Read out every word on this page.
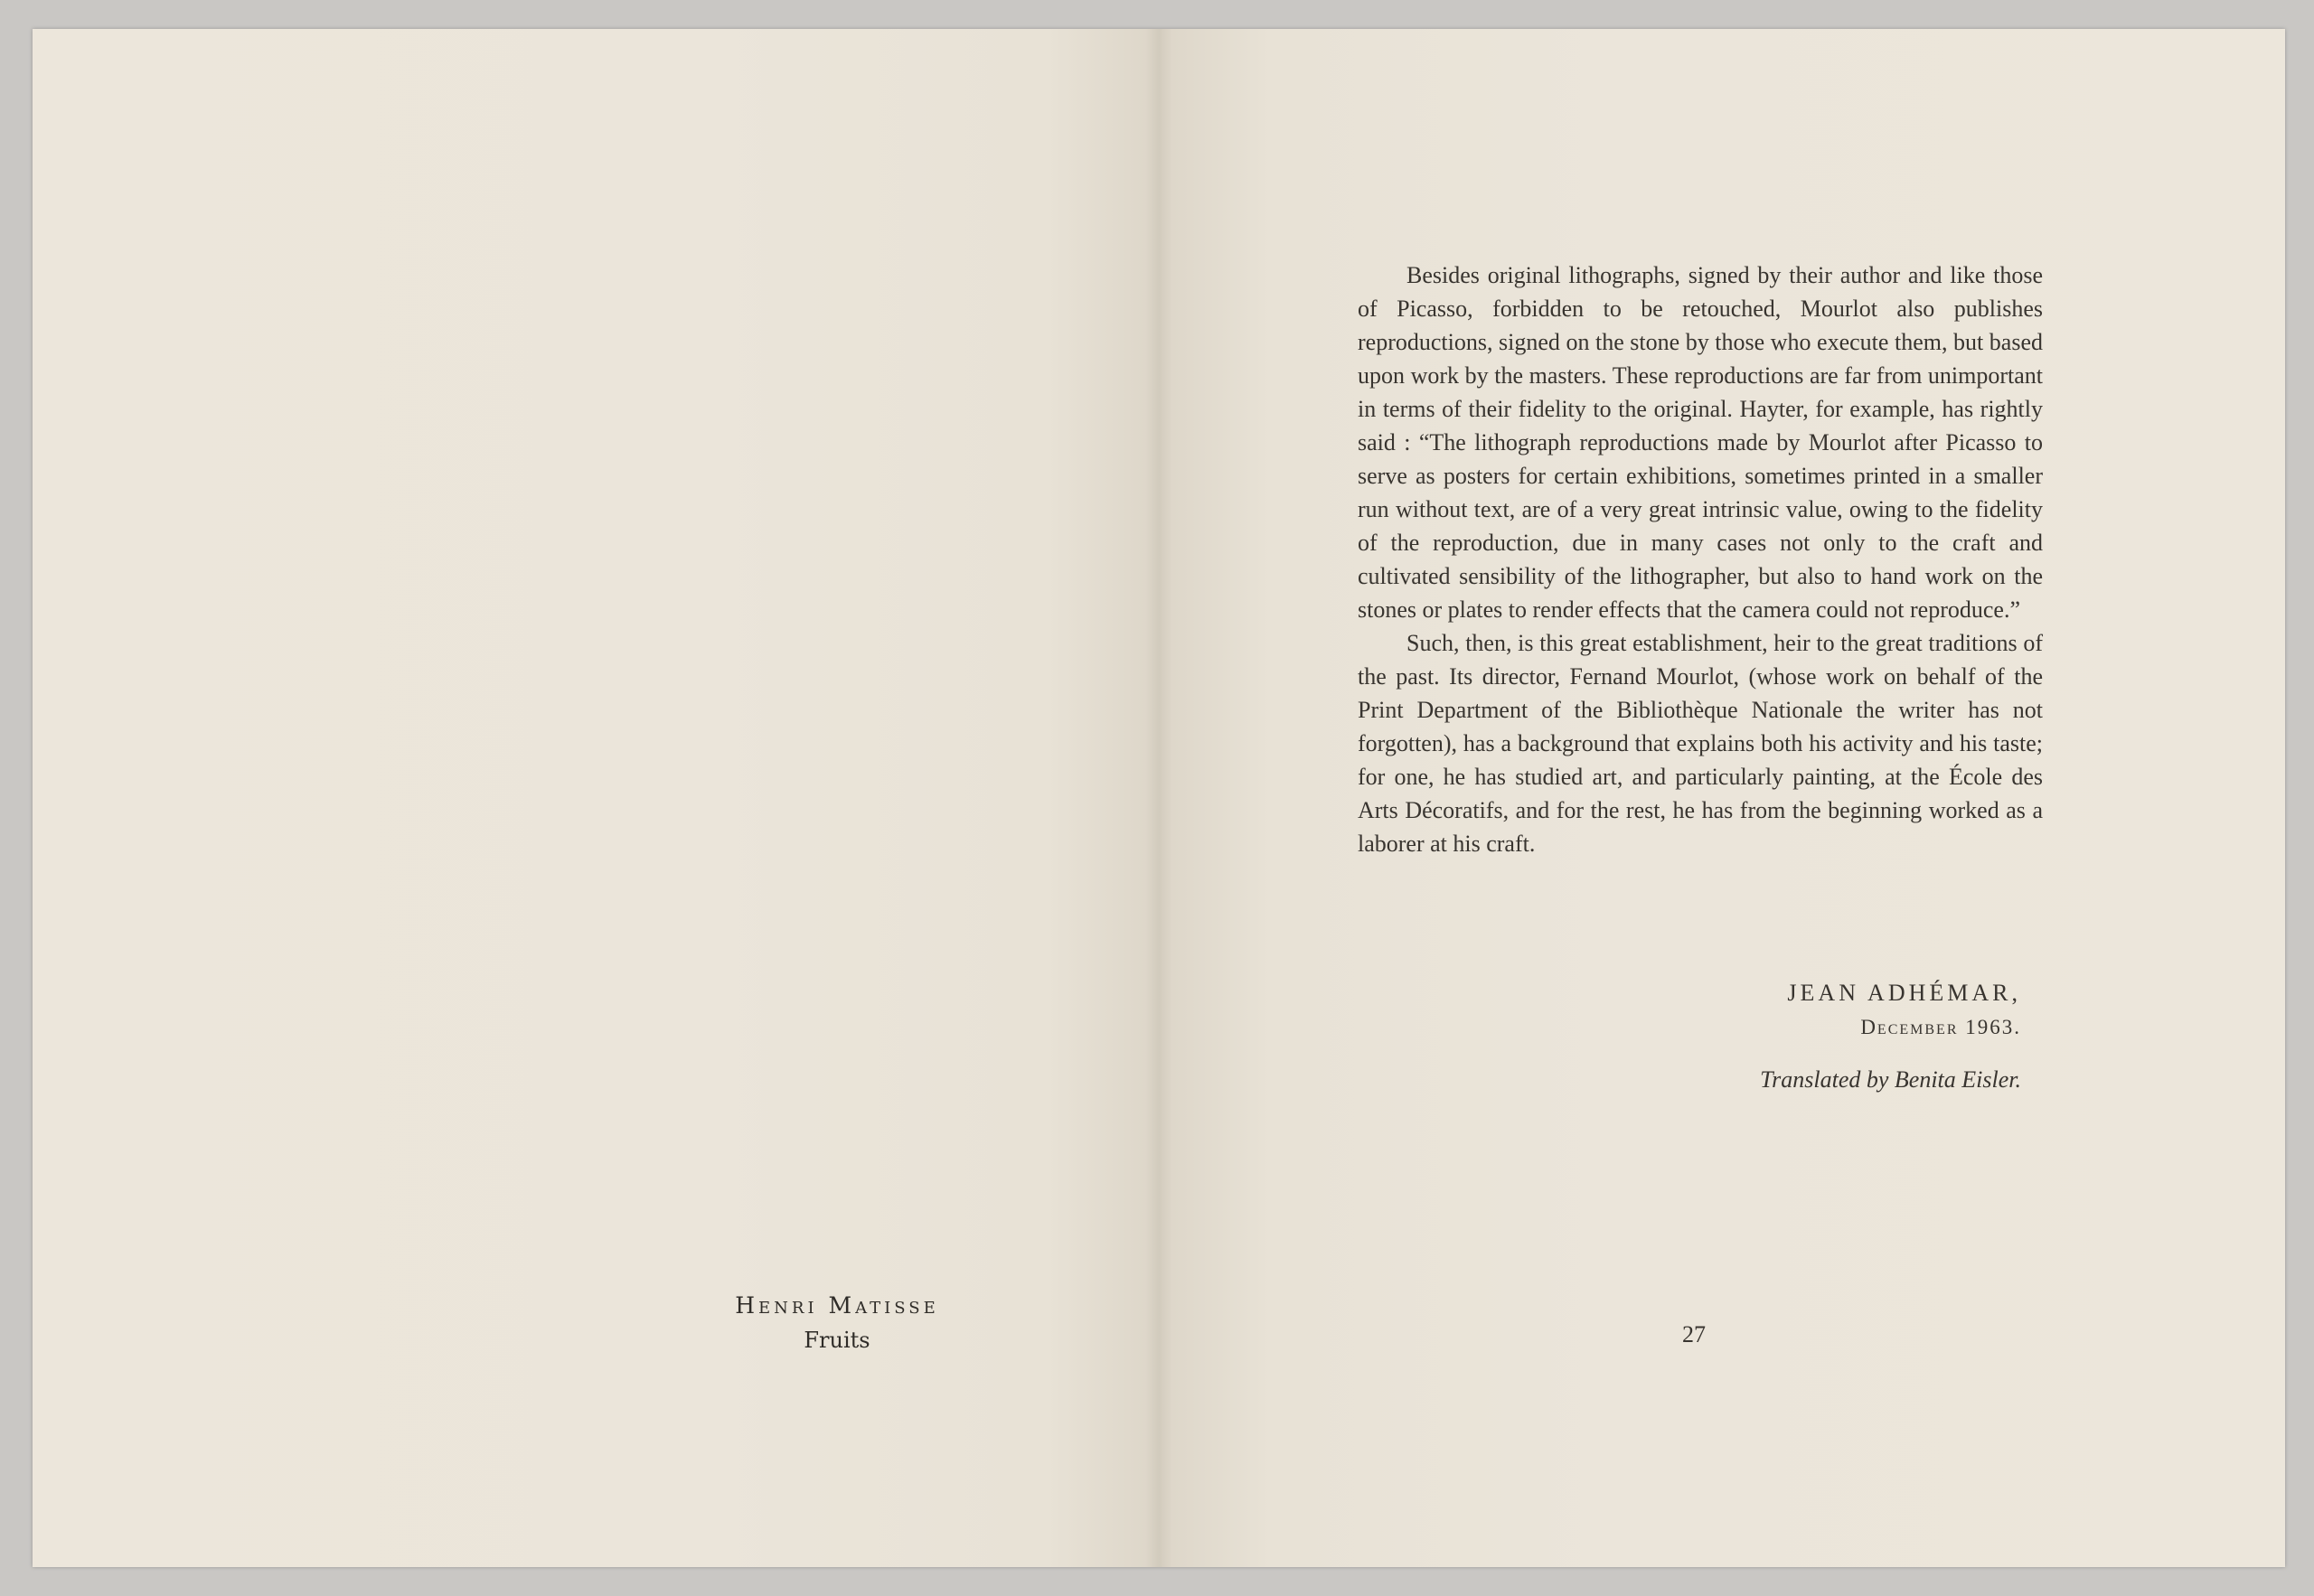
Henri Matisse
Fruits

Besides original lithographs, signed by their author and like those of Picasso, forbidden to be retouched, Mourlot also publishes reproductions, signed on the stone by those who execute them, but based upon work by the masters. These reproductions are far from unimportant in terms of their fidelity to the original. Hayter, for example, has rightly said : “The lithograph reproductions made by Mourlot after Picasso to serve as posters for certain exhibitions, sometimes printed in a smaller run without text, are of a very great intrinsic value, owing to the fidelity of the reproduction, due in many cases not only to the craft and cultivated sensibility of the lithographer, but also to hand work on the stones or plates to render effects that the camera could not reproduce.”

Such, then, is this great establishment, heir to the great traditions of the past. Its director, Fernand Mourlot, (whose work on behalf of the Print Department of the Bibliothèque Nationale the writer has not forgotten), has a background that explains both his activity and his taste; for one, he has studied art, and particularly painting, at the École des Arts Décoratifs, and for the rest, he has from the beginning worked as a laborer at his craft.

JEAN ADHÉMAR,
December 1963.
Translated by Benita Eisler.
27
